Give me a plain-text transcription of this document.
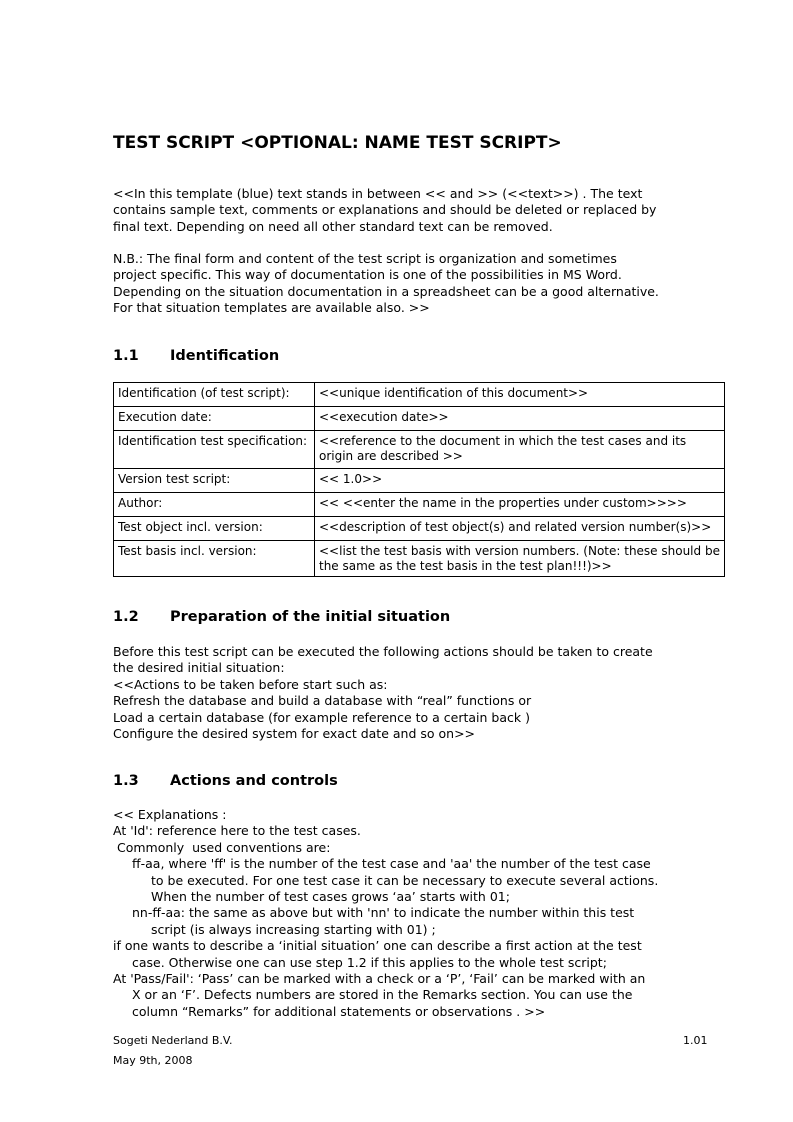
TEST SCRIPT <OPTIONAL: NAME TEST SCRIPT>
<<In this template (blue) text stands in between << and >> (<<text>>) . The text
contains sample text, comments or explanations and should be deleted or replaced by
final text. Depending on need all other standard text can be removed.
N.B.: The final form and content of the test script is organization and sometimes
project specific. This way of documentation is one of the possibilities in MS Word.
Depending on the situation documentation in a spreadsheet can be a good alternative.
For that situation templates are available also. >>
1.1 Identification
Identification (of test script):	<<unique identification of this document>>
Execution date:	<<execution date>>
Identification test specification:	<<reference to the document in which the test cases and its origin are described >>
Version test script:	<< 1.0>>
Author:	<< <<enter the name in the properties under custom>>>>
Test object incl. version:	<<description of test object(s) and related version number(s)>>
Test basis incl. version:	<<list the test basis with version numbers. (Note: these should be the same as the test basis in the test plan!!!)>>
1.2 Preparation of the initial situation
Before this test script can be executed the following actions should be taken to create
the desired initial situation:
<<Actions to be taken before start such as:
Refresh the database and build a database with “real” functions or
Load a certain database (for example reference to a certain back )
Configure the desired system for exact date and so on>>
1.3 Actions and controls
<< Explanations :
At 'Id': reference here to the test cases.
Commonly  used conventions are:
ff-aa, where 'ff' is the number of the test case and 'aa' the number of the test case
to be executed. For one test case it can be necessary to execute several actions.
When the number of test cases grows ‘aa’ starts with 01;
nn-ff-aa: the same as above but with 'nn' to indicate the number within this test
script (is always increasing starting with 01) ;
if one wants to describe a ‘initial situation’ one can describe a first action at the test
case. Otherwise one can use step 1.2 if this applies to the whole test script;
At 'Pass/Fail': ‘Pass’ can be marked with a check or a ‘P’, ‘Fail’ can be marked with an
X or an ‘F’. Defects numbers are stored in the Remarks section. You can use the
column “Remarks” for additional statements or observations . >>
Sogeti Nederland B.V.	1.01
May 9th, 2008
